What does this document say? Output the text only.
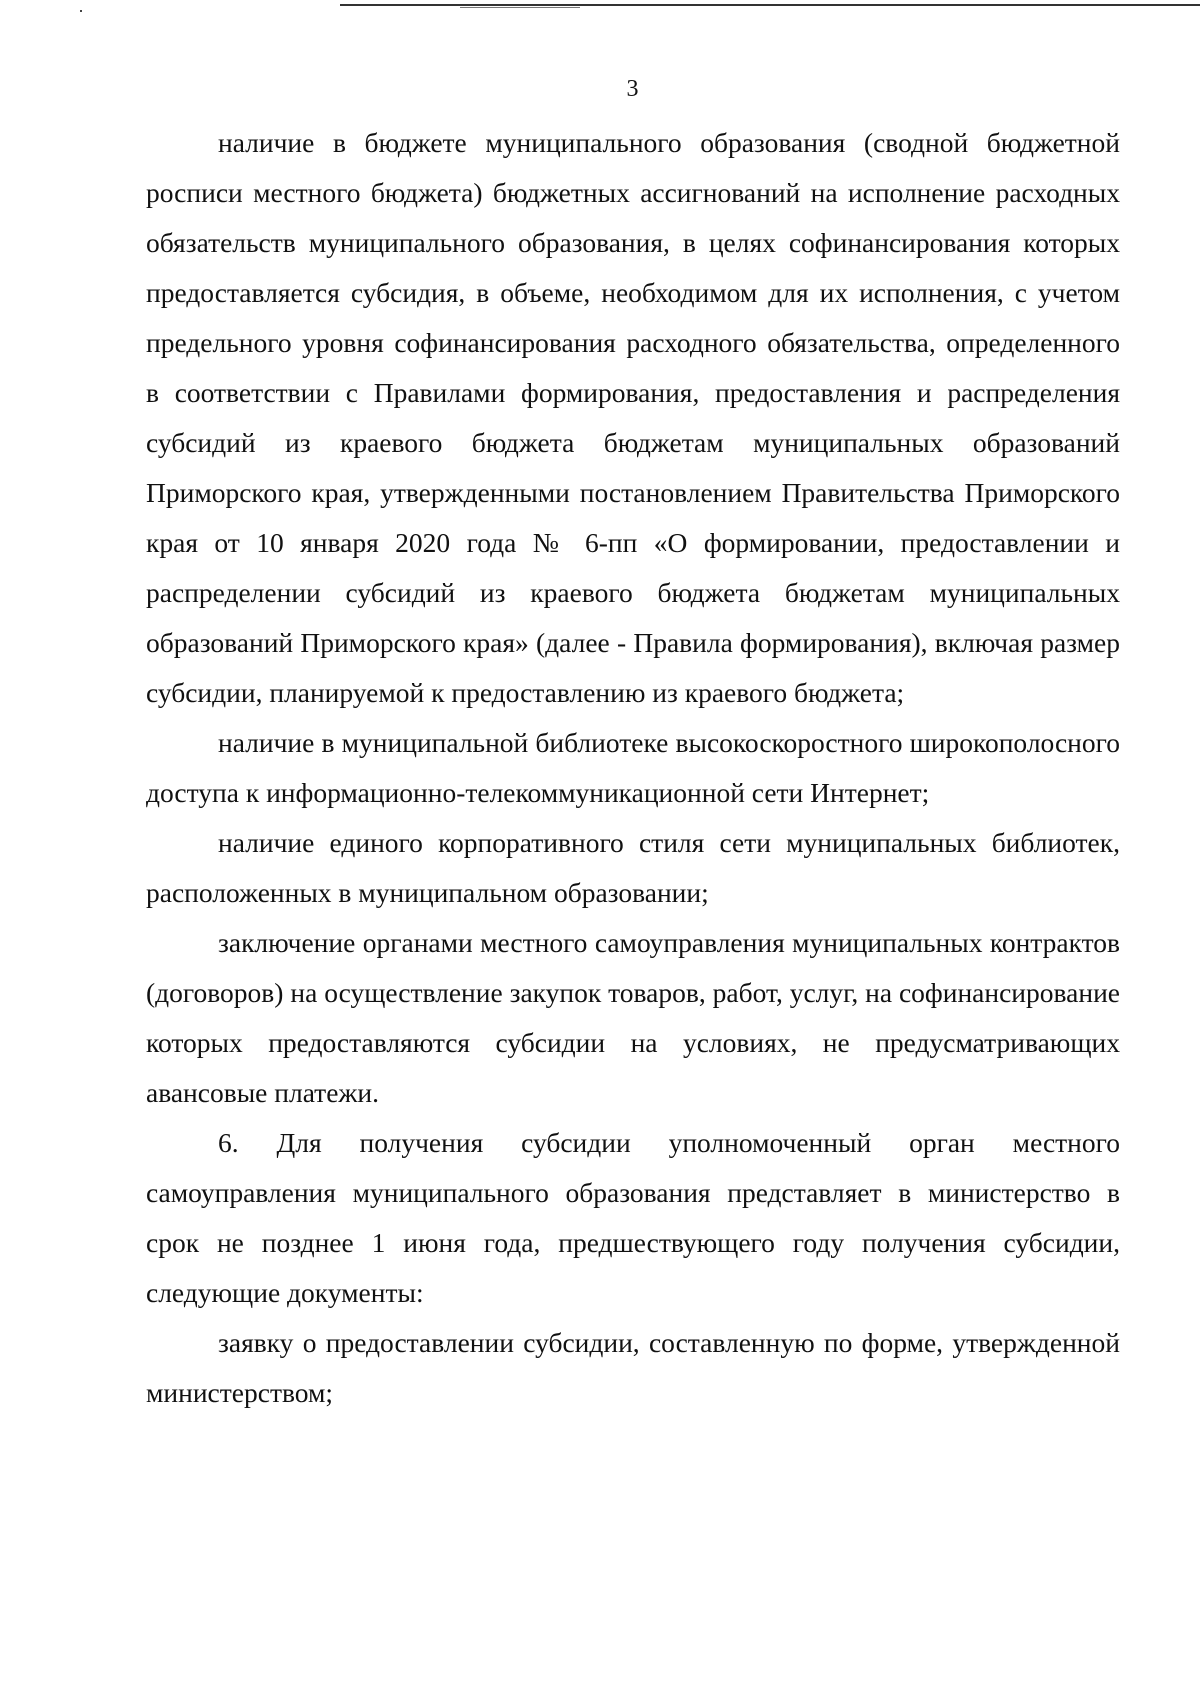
3

наличие в бюджете муниципального образования (сводной бюджетной росписи местного бюджета) бюджетных ассигнований на исполнение расходных обязательств муниципального образования, в целях софинансирования которых предоставляется субсидия, в объеме, необходимом для их исполнения, с учетом предельного уровня софинансирования расходного обязательства, определенного в соответствии с Правилами формирования, предоставления и распределения субсидий из краевого бюджета бюджетам муниципальных образований Приморского края, утвержденными постановлением Правительства Приморского края от 10 января 2020 года № 6-пп «О формировании, предоставлении и распределении субсидий из краевого бюджета бюджетам муниципальных образований Приморского края» (далее - Правила формирования), включая размер субсидии, планируемой к предоставлению из краевого бюджета;

наличие в муниципальной библиотеке высокоскоростного широкополосного доступа к информационно-телекоммуникационной сети Интернет;

наличие единого корпоративного стиля сети муниципальных библиотек, расположенных в муниципальном образовании;

заключение органами местного самоуправления муниципальных контрактов (договоров) на осуществление закупок товаров, работ, услуг, на софинансирование которых предоставляются субсидии на условиях, не предусматривающих авансовые платежи.

6. Для получения субсидии уполномоченный орган местного самоуправления муниципального образования представляет в министерство в срок не позднее 1 июня года, предшествующего году получения субсидии, следующие документы:

заявку о предоставлении субсидии, составленную по форме, утвержденной министерством;
